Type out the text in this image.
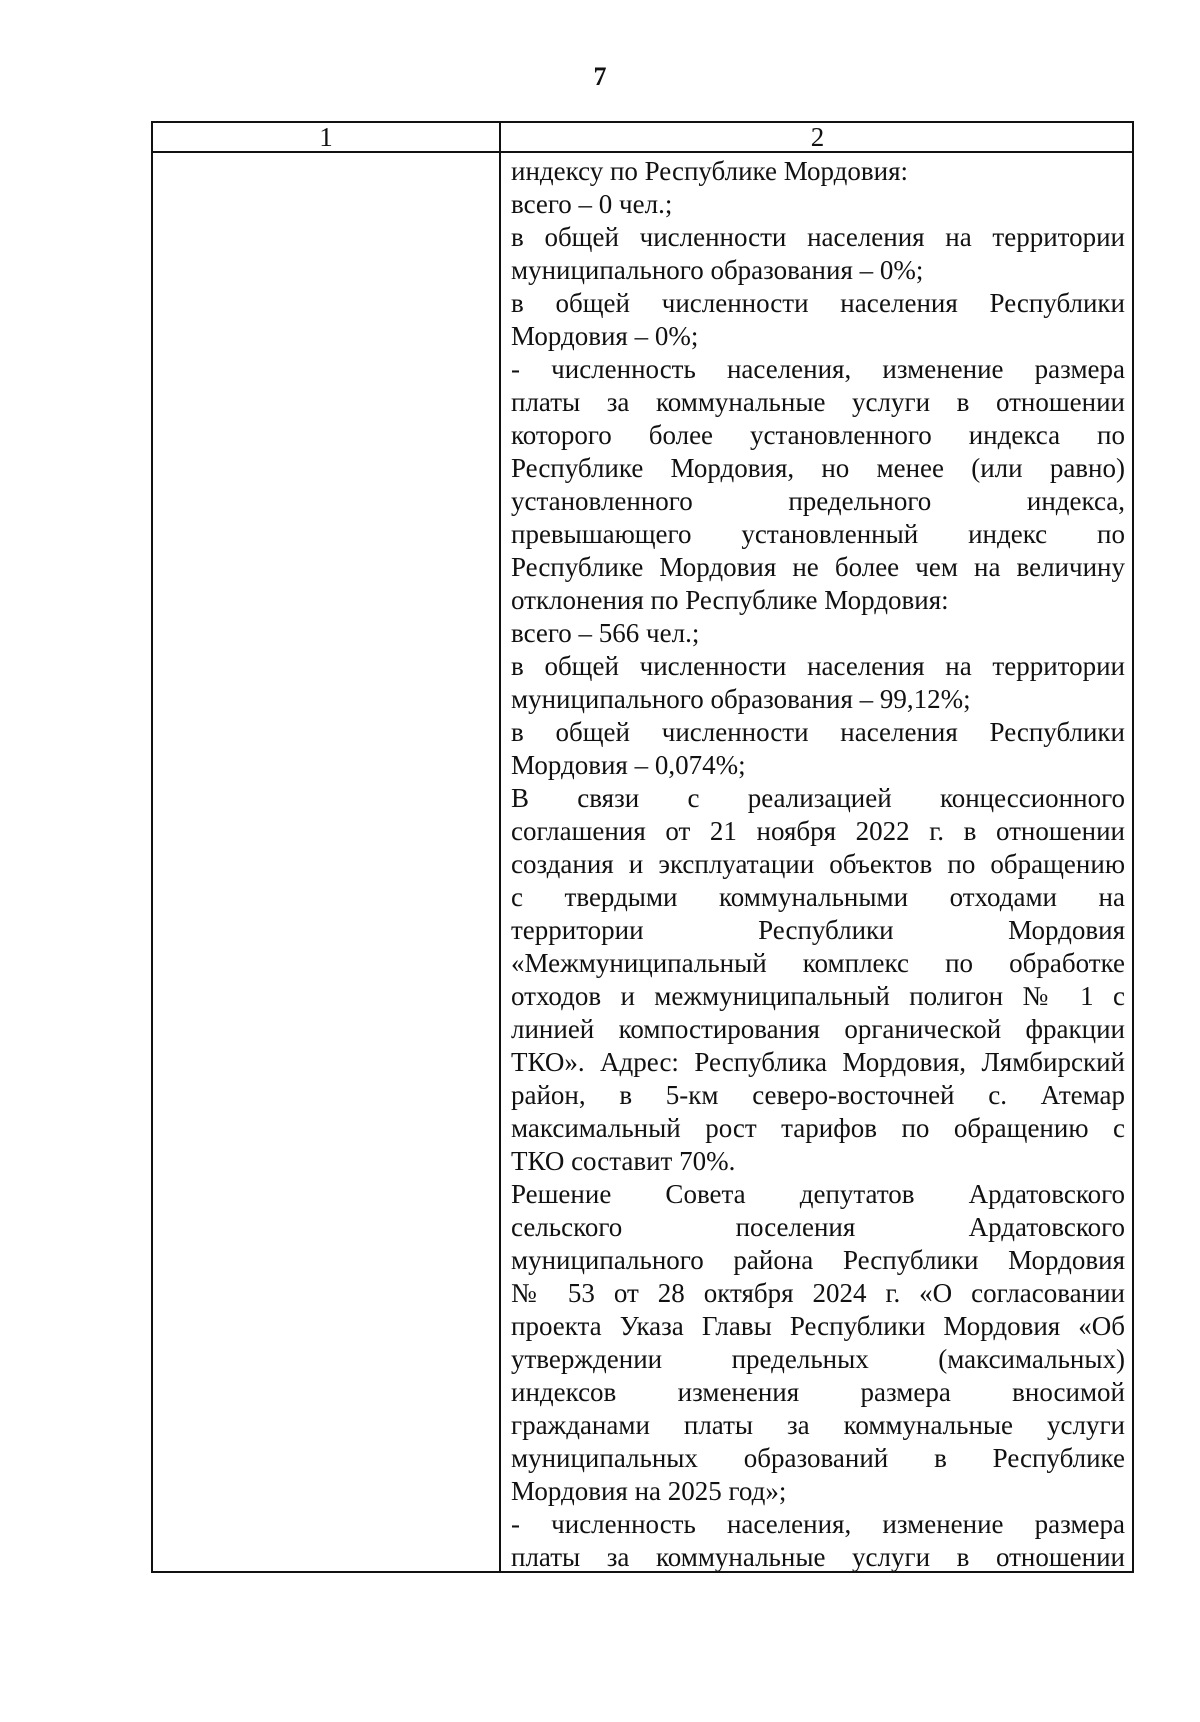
7
1	2
индексу по Республике Мордовия:
всего – 0 чел.;
в общей численности населения на территории
муниципального образования – 0%;
в общей численности населения Республики
Мордовия – 0%;
- численность населения, изменение размера
платы за коммунальные услуги в отношении
которого более установленного индекса по
Республике Мордовия, но менее (или равно)
установленного предельного индекса,
превышающего установленный индекс по
Республике Мордовия не более чем на величину
отклонения по Республике Мордовия:
всего – 566 чел.;
в общей численности населения на территории
муниципального образования – 99,12%;
в общей численности населения Республики
Мордовия – 0,074%;
В связи с реализацией концессионного
соглашения от 21 ноября 2022 г. в отношении
создания и эксплуатации объектов по обращению
с твердыми коммунальными отходами на
территории Республики Мордовия
«Межмуниципальный комплекс по обработке
отходов и межмуниципальный полигон № 1 с
линией компостирования органической фракции
ТКО». Адрес: Республика Мордовия, Лямбирский
район, в 5-км северо-восточней с. Атемар
максимальный рост тарифов по обращению с
ТКО составит 70%.
Решение Совета депутатов Ардатовского
сельского поселения Ардатовского
муниципального района Республики Мордовия
№ 53 от 28 октября 2024 г. «О согласовании
проекта Указа Главы Республики Мордовия «Об
утверждении предельных (максимальных)
индексов изменения размера вносимой
гражданами платы за коммунальные услуги
муниципальных образований в Республике
Мордовия на 2025 год»;
- численность населения, изменение размера
платы за коммунальные услуги в отношении
